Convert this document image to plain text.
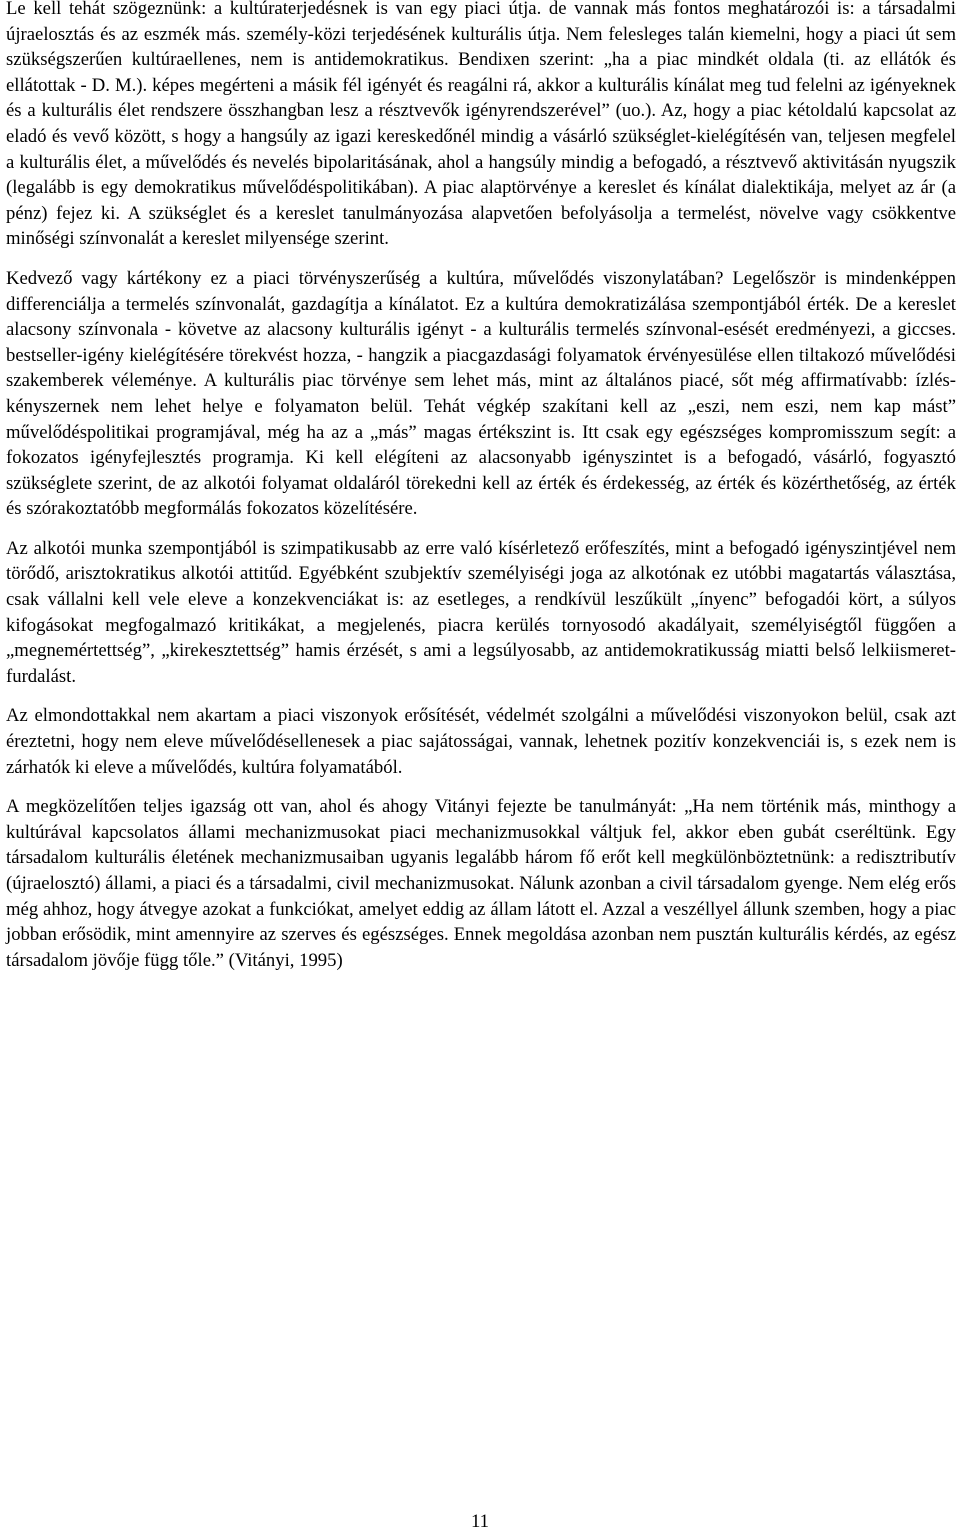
Le kell tehát szögeznünk: a kultúraterjedésnek is van egy piaci útja. de vannak más fontos meghatározói is: a társadalmi újraelosztás és az eszmék más. személy-közi terjedésének kulturális útja. Nem felesleges talán kiemelni, hogy a piaci út sem szükségszerűen kultúraellenes, nem is antidemokratikus. Bendixen szerint: „ha a piac mindkét oldala (ti. az ellátók és ellátottak - D. M.). képes megérteni a másik fél igényét és reagálni rá, akkor a kulturális kínálat meg tud felelni az igényeknek és a kulturális élet rendszere összhangban lesz a résztvevők igényrendszerével” (uo.). Az, hogy a piac kétoldalú kapcsolat az eladó és vevő között, s hogy a hangsúly az igazi kereskedőnél mindig a vásárló szükséglet-kielégítésén van, teljesen megfelel a kulturális élet, a művelődés és nevelés bipolaritásának, ahol a hangsúly mindig a befogadó, a résztvevő aktivitásán nyugszik (legalább is egy demokratikus művelődéspolitikában). A piac alaptörvénye a kereslet és kínálat dialektikája, melyet az ár (a pénz) fejez ki. A szükséglet és a kereslet tanulmányozása alapvetően befolyásolja a termelést, növelve vagy csökkentve minőségi színvonalát a kereslet milyensége szerint.

Kedvező vagy kártékony ez a piaci törvényszerűség a kultúra, művelődés viszonylatában? Legelőször is mindenképpen differenciálja a termelés színvonalát, gazdagítja a kínálatot. Ez a kultúra demokratizálása szempontjából érték. De a kereslet alacsony színvonala - követve az alacsony kulturális igényt - a kulturális termelés színvonal-esését eredményezi, a giccses. bestseller-igény kielégítésére törekvést hozza, - hangzik a piacgazdasági folyamatok érvényesülése ellen tiltakozó művelődési szakemberek véleménye. A kulturális piac törvénye sem lehet más, mint az általános piacé, sőt még affirmatívabb: ízlés-kényszernek nem lehet helye e folyamaton belül. Tehát végkép szakítani kell az „eszi, nem eszi, nem kap mást” művelődéspolitikai programjával, még ha az a „más” magas értékszint is. Itt csak egy egészséges kompromisszum segít: a fokozatos igényfejlesztés programja. Ki kell elégíteni az alacsonyabb igényszintet is a befogadó, vásárló, fogyasztó szükséglete szerint, de az alkotói folyamat oldaláról törekedni kell az érték és érdekesség, az érték és közérthetőség, az érték és szórakoztatóbb megformálás fokozatos közelítésére.

Az alkotói munka szempontjából is szimpatikusabb az erre való kísérletező erőfeszítés, mint a befogadó igényszintjével nem törődő, arisztokratikus alkotói attitűd. Egyébként szubjektív személyiségi joga az alkotónak ez utóbbi magatartás választása, csak vállalni kell vele eleve a konzekvenciákat is: az esetleges, a rendkívül leszűkült „ínyenc” befogadói kört, a súlyos kifogásokat megfogalmazó kritikákat, a megjelenés, piacra kerülés tornyosodó akadályait, személyiségtől függően a „megnemértettség”, „kirekesztettség” hamis érzését, s ami a legsúlyosabb, az antidemokratikusság miatti belső lelkiismeret-furdalást.

Az elmondottakkal nem akartam a piaci viszonyok erősítését, védelmét szolgálni a művelődési viszonyokon belül, csak azt éreztetni, hogy nem eleve művelődésellenesek a piac sajátosságai, vannak, lehetnek pozitív konzekvenciái is, s ezek nem is zárhatók ki eleve a művelődés, kultúra folyamatából.

A megközelítően teljes igazság ott van, ahol és ahogy Vitányi fejezte be tanulmányát: „Ha nem történik más, minthogy a kultúrával kapcsolatos állami mechanizmusokat piaci mechanizmusokkal váltjuk fel, akkor eben gubát cseréltünk. Egy társadalom kulturális életének mechanizmusaiban ugyanis legalább három fő erőt kell megkülönböztetnünk: a redisztributív (újraelosztó) állami, a piaci és a társadalmi, civil mechanizmusokat. Nálunk azonban a civil társadalom gyenge. Nem elég erős még ahhoz, hogy átvegye azokat a funkciókat, amelyet eddig az állam látott el. Azzal a veszéllyel állunk szemben, hogy a piac jobban erősödik, mint amennyire az szerves és egészséges. Ennek megoldása azonban nem pusztán kulturális kérdés, az egész társadalom jövője függ tőle.” (Vitányi, 1995)

11
